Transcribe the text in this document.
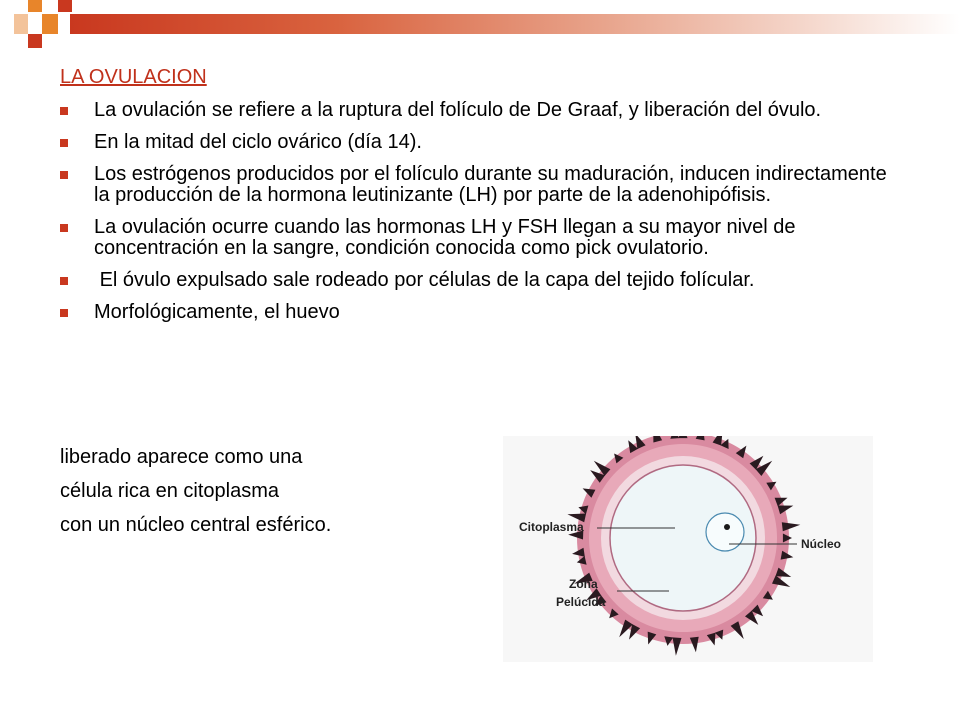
LA OVULACION
La ovulación se refiere a la ruptura del folículo de De Graaf, y liberación del óvulo.
En la mitad del ciclo ovárico (día 14).
Los estrógenos producidos por el folículo durante su maduración, inducen indirectamente la producción de la hormona leutinizante (LH) por parte de la adenohipófisis.
La ovulación ocurre cuando las hormonas LH y FSH llegan a su mayor nivel de concentración en la sangre, condición conocida como pick ovulatorio.
El óvulo expulsado sale rodeado por células de la capa del tejido folícular.
Morfológicamente, el huevo
liberado aparece como una
célula rica en citoplasma
con un núcleo central esférico.	Citoplasma
Núcleo
Zona
Pelúcida
